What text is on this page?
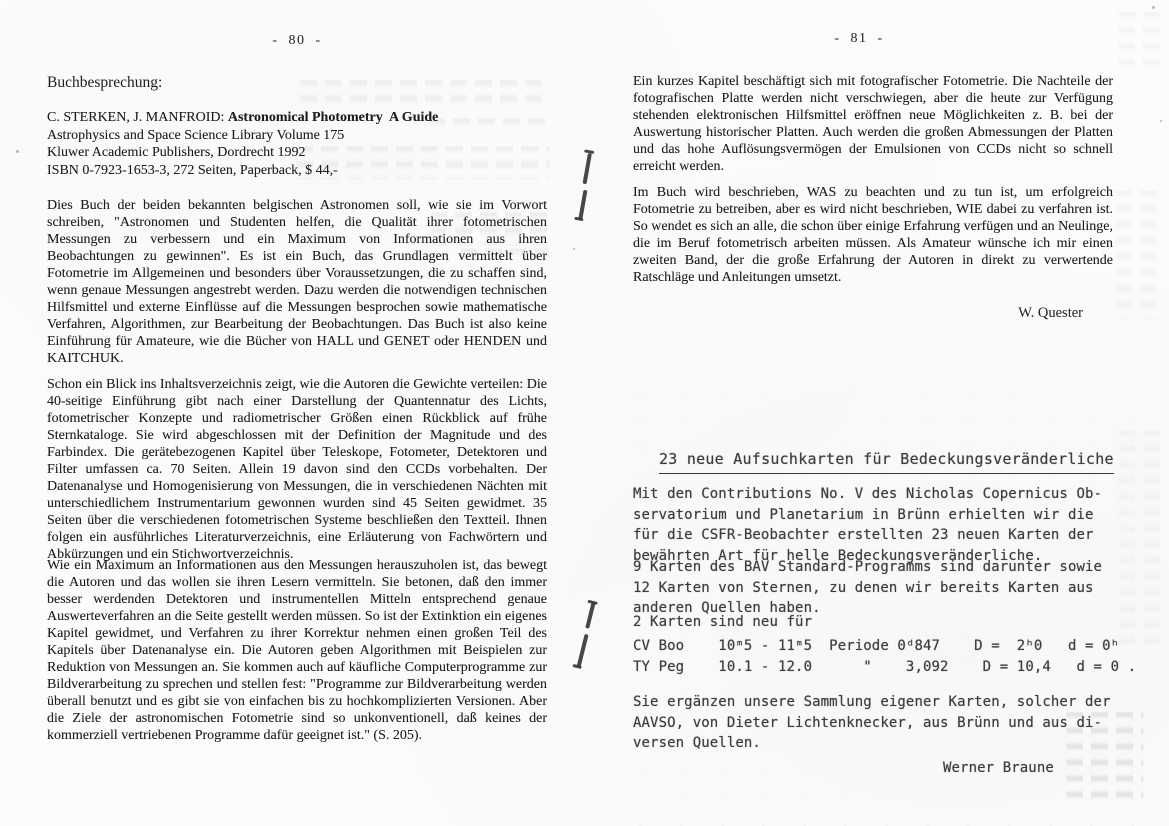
- 80 -
Buchbesprechung:
C. STERKEN, J. MANFROID: Astronomical Photometry  A Guide
Astrophysics and Space Science Library Volume 175
Kluwer Academic Publishers, Dordrecht 1992
ISBN 0-7923-1653-3, 272 Seiten, Paperback, $ 44,-

Dies Buch der beiden bekannten belgischen Astronomen soll, wie sie im Vorwort schreiben, "Astronomen und Studenten helfen, die Qualität ihrer fotometrischen Messungen zu verbessern und ein Maximum von Informationen aus ihren Beobachtungen zu gewinnen". Es ist ein Buch, das Grundlagen vermittelt über Fotometrie im Allgemeinen und besonders über Voraussetzungen, die zu schaffen sind, wenn genaue Messungen angestrebt werden. Dazu werden die notwendigen technischen Hilfsmittel und externe Einflüsse auf die Messungen besprochen sowie mathematische Verfahren, Algorithmen, zur Bearbeitung der Beobachtungen. Das Buch ist also keine Einführung für Amateure, wie die Bücher von HALL und GENET oder HENDEN und KAITCHUK.

Schon ein Blick ins Inhaltsverzeichnis zeigt, wie die Autoren die Gewichte verteilen: Die 40-seitige Einführung gibt nach einer Darstellung der Quantennatur des Lichts, fotometrischer Konzepte und radiometrischer Größen einen Rückblick auf frühe Sternkataloge. Sie wird abgeschlossen mit der Definition der Magnitude und des Farbindex. Die gerätebezogenen Kapitel über Teleskope, Fotometer, Detektoren und Filter umfassen ca. 70 Seiten. Allein 19 davon sind den CCDs vorbehalten. Der Datenanalyse und Homogenisierung von Messungen, die in verschiedenen Nächten mit unterschiedlichem Instrumentarium gewonnen wurden sind 45 Seiten gewidmet. 35 Seiten über die verschiedenen fotometrischen Systeme beschließen den Textteil. Ihnen folgen ein ausführliches Literaturverzeichnis, eine Erläuterung von Fachwörtern und Abkürzungen und ein Stichwortverzeichnis.

Wie ein Maximum an Informationen aus den Messungen herauszuholen ist, das bewegt die Autoren und das wollen sie ihren Lesern vermitteln. Sie betonen, daß den immer besser werdenden Detektoren und instrumentellen Mitteln entsprechend genaue Auswerteverfahren an die Seite gestellt werden müssen. So ist der Extinktion ein eigenes Kapitel gewidmet, und Verfahren zu ihrer Korrektur nehmen einen großen Teil des Kapitels über Datenanalyse ein. Die Autoren geben Algorithmen mit Beispielen zur Reduktion von Messungen an. Sie kommen auch auf käufliche Computerprogramme zur Bildverarbeitung zu sprechen und stellen fest: "Programme zur Bildverarbeitung werden überall benutzt und es gibt sie von einfachen bis zu hochkomplizierten Versionen. Aber die Ziele der astronomischen Fotometrie sind so unkonventionell, daß keines der kommerziell vertriebenen Programme dafür geeignet ist." (S. 205).

- 81 -

Ein kurzes Kapitel beschäftigt sich mit fotografischer Fotometrie. Die Nachteile der fotografischen Platte werden nicht verschwiegen, aber die heute zur Verfügung stehenden elektronischen Hilfsmittel eröffnen neue Möglichkeiten z. B. bei der Auswertung historischer Platten. Auch werden die großen Abmessungen der Platten und das hohe Auflösungsvermögen der Emulsionen von CCDs nicht so schnell erreicht werden.

Im Buch wird beschrieben, WAS zu beachten und zu tun ist, um erfolgreich Fotometrie zu betreiben, aber es wird nicht beschrieben, WIE dabei zu verfahren ist. So wendet es sich an alle, die schon über einige Erfahrung verfügen und an Neulinge, die im Beruf fotometrisch arbeiten müssen. Als Amateur wünsche ich mir einen zweiten Band, der die große Erfahrung der Autoren in direkt zu verwertende Ratschläge und Anleitungen umsetzt.

W. Quester
23 neue Aufsuchkarten für Bedeckungsveränderliche
Mit den Contributions No. V des Nicholas Copernicus Ob-
servatorium und Planetarium in Brünn erhielten wir die
für die CSFR-Beobachter erstellten 23 neuen Karten der
bewährten Art für helle Bedeckungsveränderliche.
9 Karten des BAV Standard-Programms sind darunter sowie
12 Karten von Sternen, zu denen wir bereits Karten aus
anderen Quellen haben.
2 Karten sind neu für
CV Boo    10ᵐ5 - 11ᵐ5  Periode 0ᵈ847    D =  2ʰ0   d = 0ʰ
TY Peg    10.1 - 12.0      "    3,092    D = 10,4   d = 0 .
Sie ergänzen unsere Sammlung eigener Karten, solcher der
AAVSO, von Dieter Lichtenknecker, aus Brünn und aus di-
versen Quellen.
Werner Braune
